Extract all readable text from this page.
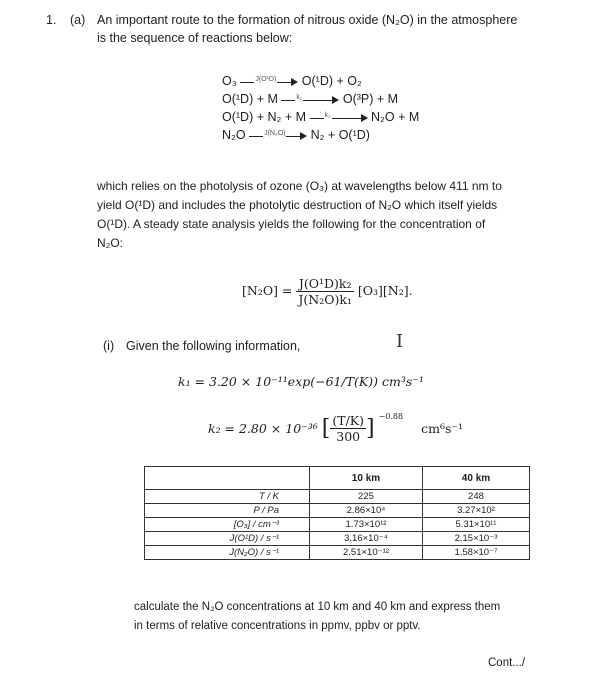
1. (a) An important route to the formation of nitrous oxide (N₂O) in the atmosphere
is the sequence of reactions below:
O₃	J(O¹D) O(¹D) + O₂
O(¹D) + M	k₁	O(³P) + M
O(¹D) + N₂ + M	k₂	N₂O + M
N₂O	J(N₂O) N₂ + O(¹D)
which relies on the photolysis of ozone (O₃) at wavelengths below 411 nm to
yield O(¹D) and includes the photolytic destruction of N₂O which itself yields
O(¹D). A steady state analysis yields the following for the concentration of
N₂O:
$[N_2O] = \frac{\text{J(O¹D)k₂}}{\text{J(N₂O)k₁}} [O_3][N_2]$.
(i) Given the following information,	I
k₁ = 3.20 × 10⁻¹¹exp(−61/T(K)) cm³s⁻¹
k₂ = 2.80 × 10⁻³⁶ [ $\frac{(T/K)}{300}$ ] $^{-0.88}$ cm⁶s⁻¹
	10 km	40 km
T / K	225	248
P / Pa	2.86×10⁴	3.27×10²
[O₃] / cm⁻³	1.73×10¹²	5.31×10¹¹
J(O¹D) / s⁻¹	3.16×10⁻⁴	2.15×10⁻³
J(N₂O) / s⁻¹	2.51×10⁻¹²	1.58×10⁻⁷
calculate the N₂O concentrations at 10 km and 40 km and express them
in terms of relative concentrations in ppmv, ppbv or pptv.
Cont.../
